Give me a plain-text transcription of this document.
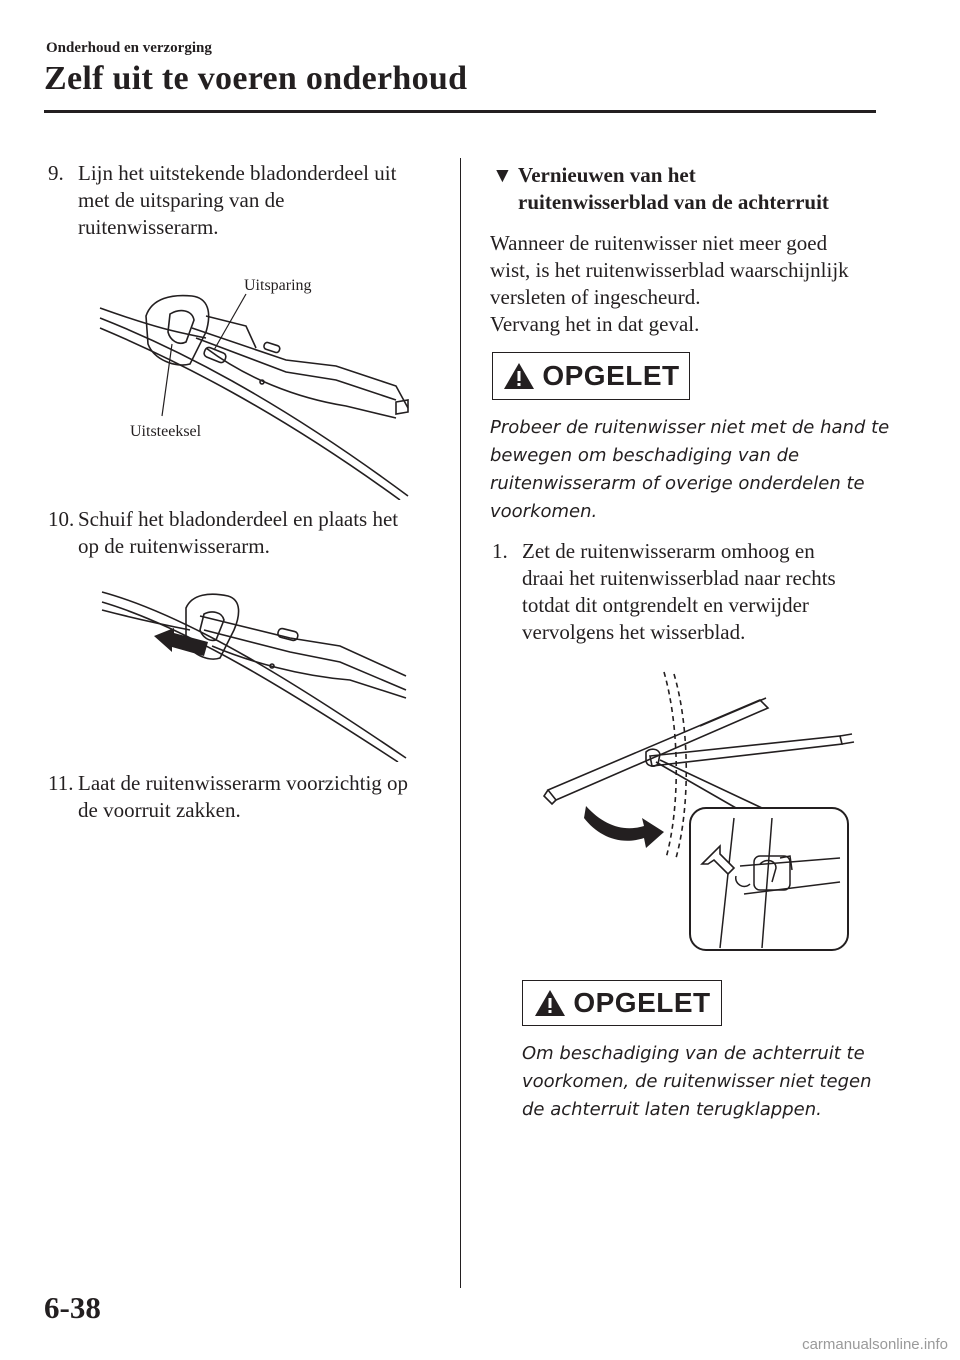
Onderhoud en verzorging
Zelf uit te voeren onderhoud
9. Lijn het uitstekende bladonderdeel uit
met de uitsparing van de
ruitenwisserarm.
Uitsparing
Uitsteeksel
10. Schuif het bladonderdeel en plaats het
op de ruitenwisserarm.
11. Laat de ruitenwisserarm voorzichtig op
de voorruit zakken.
▼ Vernieuwen van het
ruitenwisserblad van de achterruit
Wanneer de ruitenwisser niet meer goed
wist, is het ruitenwisserblad waarschijnlijk
versleten of ingescheurd.
Vervang het in dat geval.
OPGELET
Probeer de ruitenwisser niet met de hand te
bewegen om beschadiging van de
ruitenwisserarm of overige onderdelen te
voorkomen.
1. Zet de ruitenwisserarm omhoog en
draai het ruitenwisserblad naar rechts
totdat dit ontgrendelt en verwijder
vervolgens het wisserblad.
OPGELET
Om beschadiging van de achterruit te
voorkomen, de ruitenwisser niet tegen
de achterruit laten terugklappen.
6-38
carmanualsonline.info
